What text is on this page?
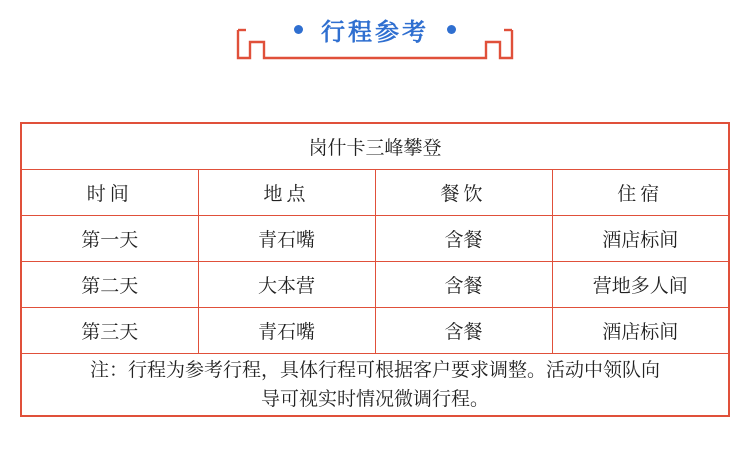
行程参考
岗什卡三峰攀登			
时间	地点	餐饮	住宿
第一天	青石嘴	含餐	酒店标间
第二天	大本营	含餐	营地多人间
第三天	青石嘴	含餐	酒店标间

注：行程为参考行程，具体行程可根据客户要求调整。活动中领队向
导可视实时情况微调行程。			
